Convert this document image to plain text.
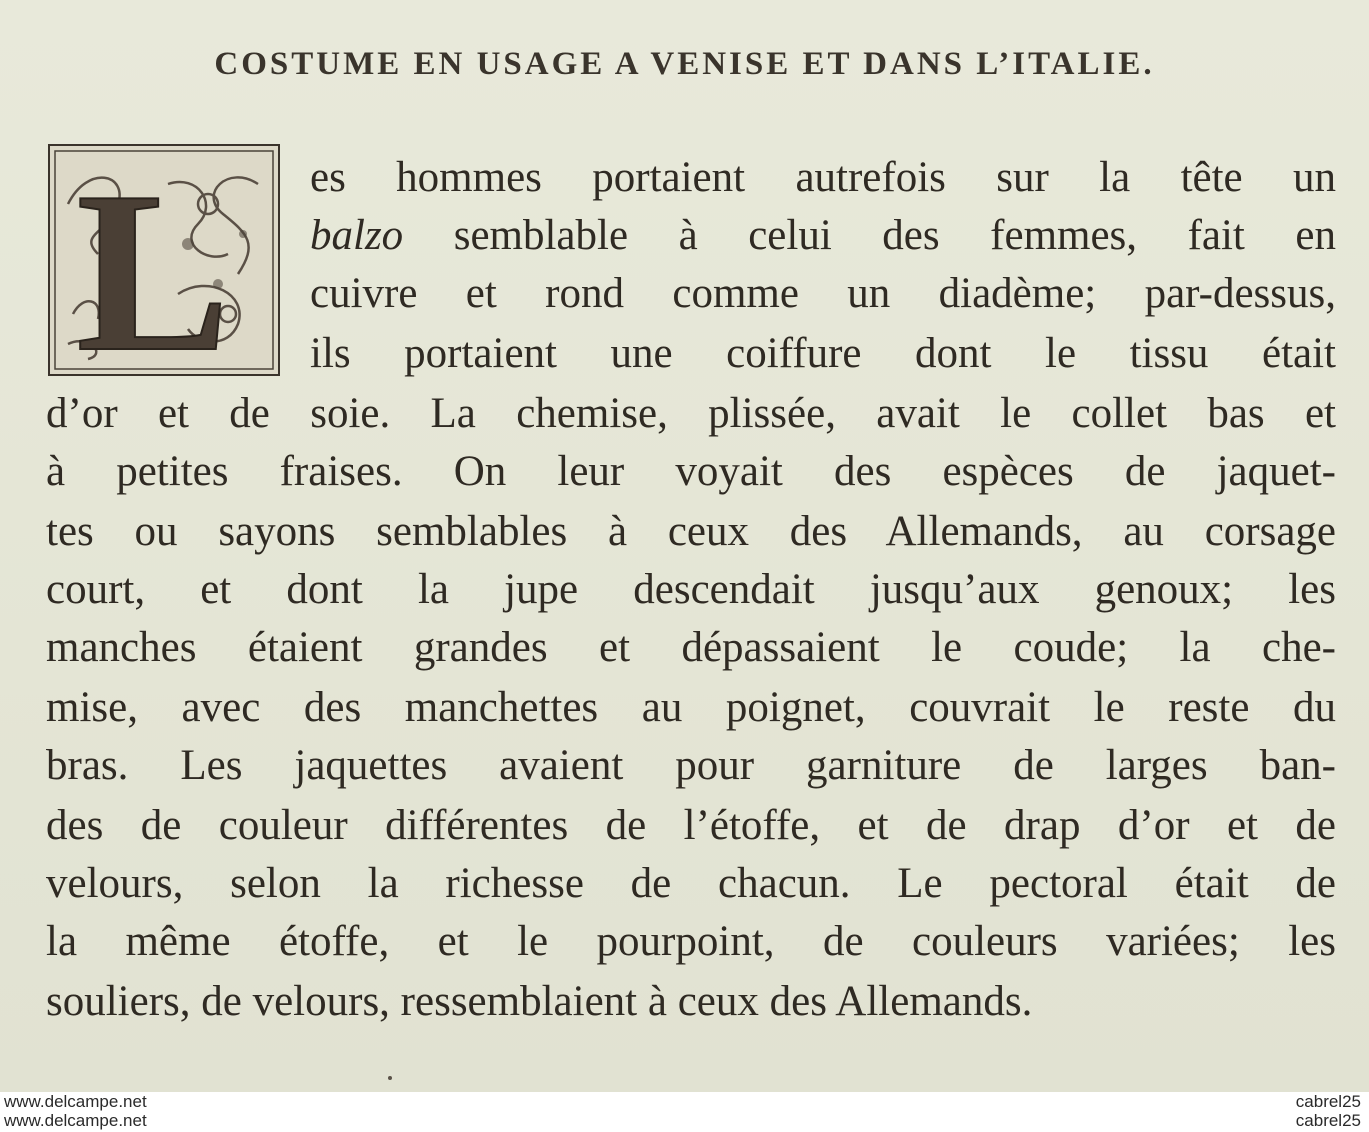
COSTUME EN USAGE A VENISE ET DANS L’ITALIE.
L es hommes portaient autrefois sur la tête un
balzo semblable à celui des femmes, fait en
cuivre et rond comme un diadème; par-dessus,
ils portaient une coiffure dont le tissu était
d’or et de soie. La chemise, plissée, avait le collet bas et
à petites fraises. On leur voyait des espèces de jaquet-
tes ou sayons semblables à ceux des Allemands, au corsage
court, et dont la jupe descendait jusqu’aux genoux; les
manches étaient grandes et dépassaient le coude; la che-
mise, avec des manchettes au poignet, couvrait le reste du
bras. Les jaquettes avaient pour garniture de larges ban-
des de couleur différentes de l’étoffe, et de drap d’or et de
velours, selon la richesse de chacun. Le pectoral était de
la même étoffe, et le pourpoint, de couleurs variées; les
souliers, de velours, ressemblaient à ceux des Allemands.
www.delcampe.net
www.delcampe.net
cabrel25
cabrel25
